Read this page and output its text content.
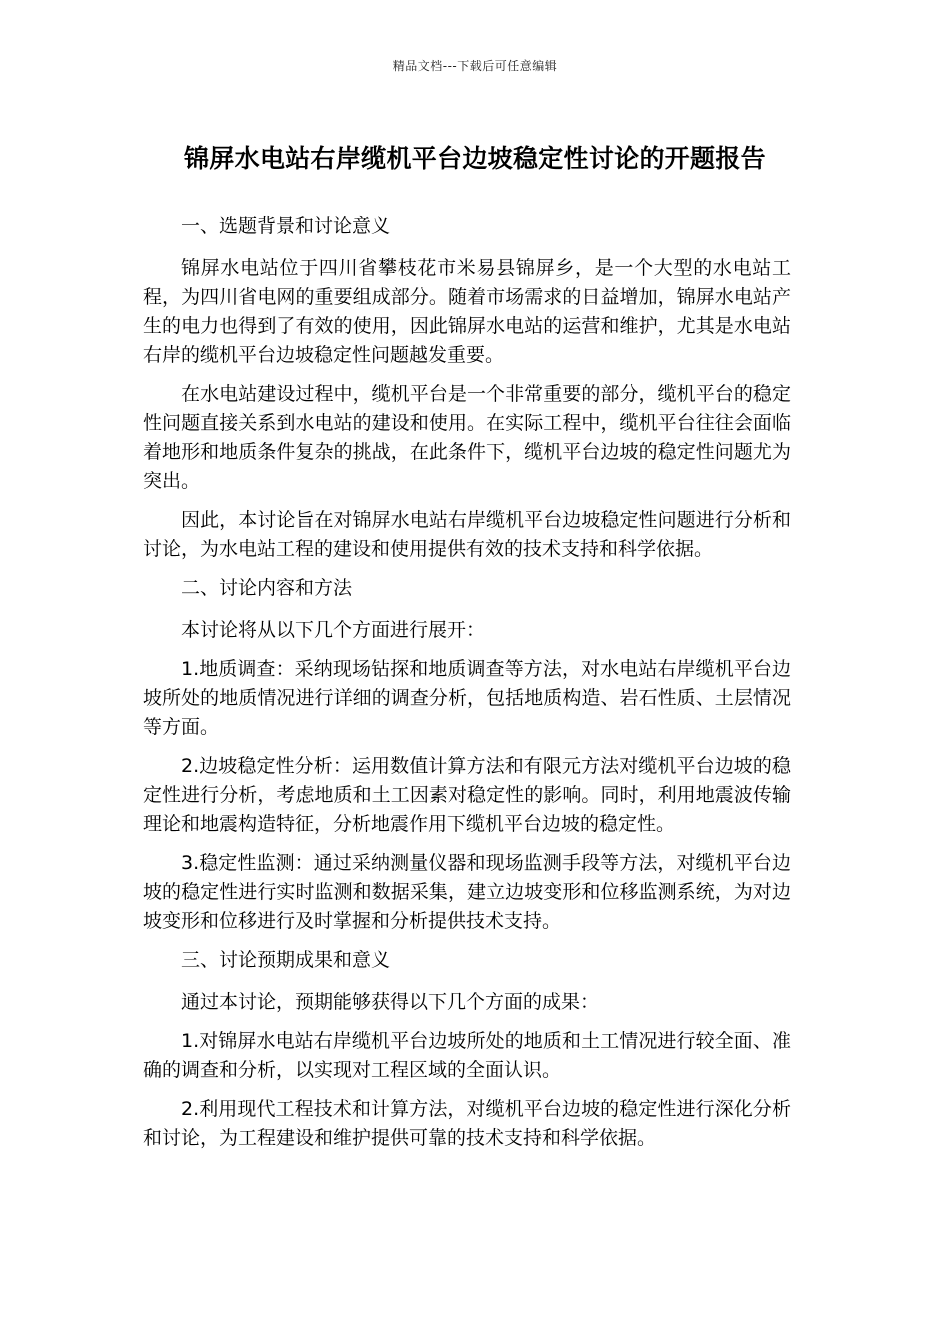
精品文档---下载后可任意编辑
锦屏水电站右岸缆机平台边坡稳定性讨论的开题报告

一、选题背景和讨论意义

锦屏水电站位于四川省攀枝花市米易县锦屏乡，是一个大型的水电站工程，为四川省电网的重要组成部分。随着市场需求的日益增加，锦屏水电站产生的电力也得到了有效的使用，因此锦屏水电站的运营和维护，尤其是水电站右岸的缆机平台边坡稳定性问题越发重要。

在水电站建设过程中，缆机平台是一个非常重要的部分，缆机平台的稳定性问题直接关系到水电站的建设和使用。在实际工程中，缆机平台往往会面临着地形和地质条件复杂的挑战，在此条件下，缆机平台边坡的稳定性问题尤为突出。

因此，本讨论旨在对锦屏水电站右岸缆机平台边坡稳定性问题进行分析和讨论，为水电站工程的建设和使用提供有效的技术支持和科学依据。

二、讨论内容和方法

本讨论将从以下几个方面进行展开：

1.地质调查：采纳现场钻探和地质调查等方法，对水电站右岸缆机平台边坡所处的地质情况进行详细的调查分析，包括地质构造、岩石性质、土层情况等方面。

2.边坡稳定性分析：运用数值计算方法和有限元方法对缆机平台边坡的稳定性进行分析，考虑地质和土工因素对稳定性的影响。同时，利用地震波传输理论和地震构造特征，分析地震作用下缆机平台边坡的稳定性。

3.稳定性监测：通过采纳测量仪器和现场监测手段等方法，对缆机平台边坡的稳定性进行实时监测和数据采集，建立边坡变形和位移监测系统，为对边坡变形和位移进行及时掌握和分析提供技术支持。

三、讨论预期成果和意义

通过本讨论，预期能够获得以下几个方面的成果：

1.对锦屏水电站右岸缆机平台边坡所处的地质和土工情况进行较全面、准确的调查和分析，以实现对工程区域的全面认识。

2.利用现代工程技术和计算方法，对缆机平台边坡的稳定性进行深化分析和讨论，为工程建设和维护提供可靠的技术支持和科学依据。
